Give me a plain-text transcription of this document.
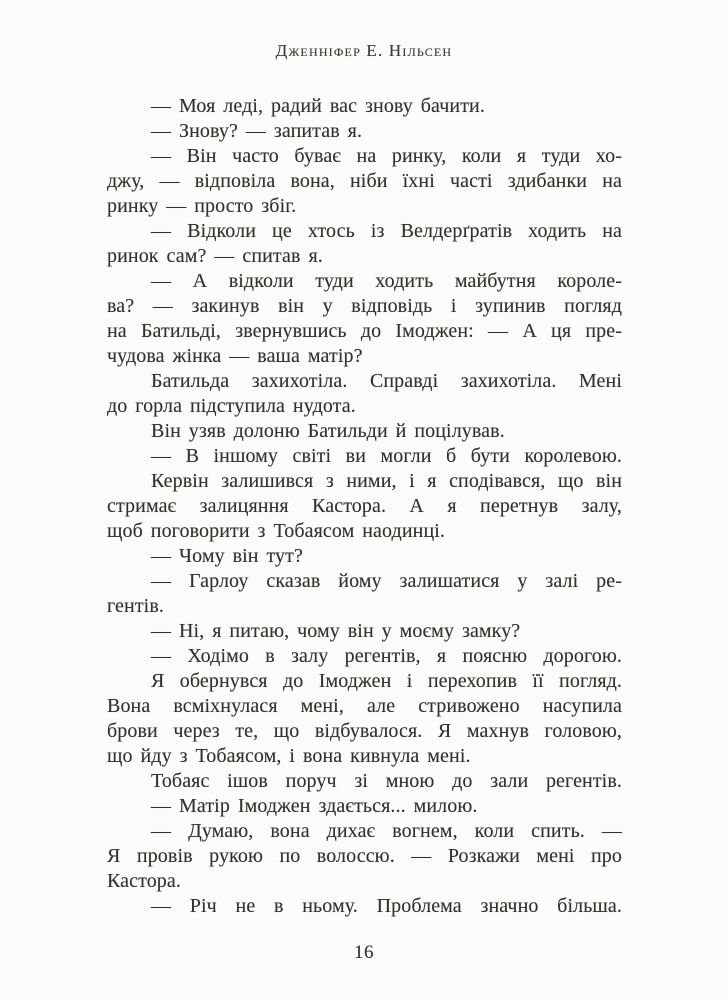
Дженніфер Е. Нільсен
— Моя леді, радий вас знову бачити.
— Знову? — запитав я.
— Він часто буває на ринку, коли я туди хо-
джу, — відповіла вона, ніби їхні часті здибанки на
ринку — просто збіг.
— Відколи це хтось із Велдерґратів ходить на
ринок сам? — спитав я.
— А відколи туди ходить майбутня короле-
ва? — закинув він у відповідь і зупинив погляд
на Батильді, звернувшись до Імоджен: — А ця пре-
чудова жінка — ваша матір?
Батильда захихотіла. Справді захихотіла. Мені
до горла підступила нудота.
Він узяв долоню Батильди й поцілував.
— В іншому світі ви могли б бути королевою.
Кервін залишився з ними, і я сподівався, що він
стримає залицяння Кастора. А я перетнув залу,
щоб поговорити з Тобаясом наодинці.
— Чому він тут?
— Гарлоу сказав йому залишатися у залі ре-
гентів.
— Ні, я питаю, чому він у моєму замку?
— Ходімо в залу регентів, я поясню дорогою.
Я обернувся до Імоджен і перехопив її погляд.
Вона всміхнулася мені, але стривожено насупила
брови через те, що відбувалося. Я махнув головою,
що йду з Тобаясом, і вона кивнула мені.
Тобаяс ішов поруч зі мною до зали регентів.
— Матір Імоджен здається... милою.
— Думаю, вона дихає вогнем, коли спить. —
Я провів рукою по волоссю. — Розкажи мені про
Кастора.
— Річ не в ньому. Проблема значно більша.
16
